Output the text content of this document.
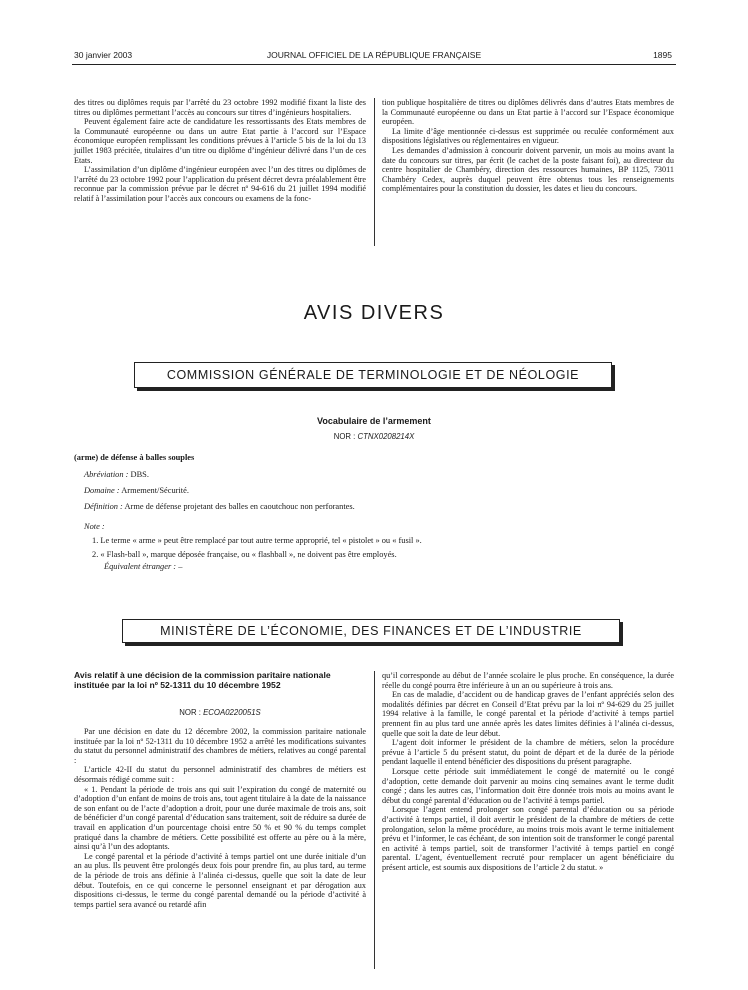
30 janvier 2003	JOURNAL OFFICIEL DE LA RÉPUBLIQUE FRANÇAISE	1895

des titres ou diplômes requis par l’arrêté du 23 octobre 1992 modifié fixant la liste des titres ou diplômes permettant l’accès au concours sur titres d’ingénieurs hospitaliers.

Peuvent également faire acte de candidature les ressortissants des Etats membres de la Communauté européenne ou dans un autre Etat partie à l’accord sur l’Espace économique européen remplissant les conditions prévues à l’article 5 bis de la loi du 13 juillet 1983 précitée, titulaires d’un titre ou diplôme d’ingénieur délivré dans l’un de ces Etats.

L’assimilation d’un diplôme d’ingénieur européen avec l’un des titres ou diplômes de l’arrêté du 23 octobre 1992 pour l’application du présent décret devra préalablement être reconnue par la commission prévue par le décret nº 94-616 du 21 juillet 1994 modifié relatif à l’assimilation pour l’accès aux concours ou examens de la fonc-

tion publique hospitalière de titres ou diplômes délivrés dans d’autres Etats membres de la Communauté européenne ou dans un Etat partie à l’accord sur l’Espace économique européen.

La limite d’âge mentionnée ci-dessus est supprimée ou reculée conformément aux dispositions législatives ou réglementaires en vigueur.

Les demandes d’admission à concourir doivent parvenir, un mois au moins avant la date du concours sur titres, par écrit (le cachet de la poste faisant foi), au directeur du centre hospitalier de Chambéry, direction des ressources humaines, BP 1125, 73011 Chambéry Cedex, auprès duquel peuvent être obtenus tous les renseignements complémentaires pour la constitution du dossier, les dates et lieu du concours.

AVIS DIVERS
COMMISSION GÉNÉRALE DE TERMINOLOGIE ET DE NÉOLOGIE
Vocabulaire de l’armement
NOR : CTNX0208214X
(arme) de défense à balles souples
Abréviation : DBS.
Domaine : Armement/Sécurité.
Définition : Arme de défense projetant des balles en caoutchouc non perforantes.
Note :
1. Le terme « arme » peut être remplacé par tout autre terme approprié, tel « pistolet » ou « fusil ».
2. « Flash-ball », marque déposée française, ou « flashball », ne doivent pas être employés.
Équivalent étranger : –
MINISTÈRE DE L’ÉCONOMIE, DES FINANCES ET DE L’INDUSTRIE
Avis relatif à une décision de la commission paritaire nationale instituée par la loi nº 52-1311 du 10 décembre 1952
NOR : ECOA0220051S

Par une décision en date du 12 décembre 2002, la commission paritaire nationale instituée par la loi nº 52-1311 du 10 décembre 1952 a arrêté les modifications suivantes du statut du personnel administratif des chambres de métiers, relatives au congé parental :

L’article 42-II du statut du personnel administratif des chambres de métiers est désormais rédigé comme suit :

« 1. Pendant la période de trois ans qui suit l’expiration du congé de maternité ou d’adoption d’un enfant de moins de trois ans, tout agent titulaire à la date de la naissance de son enfant ou de l’acte d’adoption a droit, pour une durée maximale de trois ans, soit de bénéficier d’un congé parental d’éducation sans traitement, soit de réduire sa durée de travail en application d’un pourcentage choisi entre 50 % et 90 % du temps complet pratiqué dans la chambre de métiers. Cette possibilité est offerte au père ou à la mère, ainsi qu’à l’un des adoptants.

Le congé parental et la période d’activité à temps partiel ont une durée initiale d’un an au plus. Ils peuvent être prolongés deux fois pour prendre fin, au plus tard, au terme de la période de trois ans définie à l’alinéa ci-dessus, quelle que soit la date de leur début. Toutefois, en ce qui concerne le personnel enseignant et par dérogation aux dispositions ci-dessus, le terme du congé parental demandé ou la période d’activité à temps partiel sera avancé ou retardé afin

qu’il corresponde au début de l’année scolaire le plus proche. En conséquence, la durée réelle du congé pourra être inférieure à un an ou supérieure à trois ans.

En cas de maladie, d’accident ou de handicap graves de l’enfant appréciés selon des modalités définies par décret en Conseil d’Etat prévu par la loi nº 94-629 du 25 juillet 1994 relative à la famille, le congé parental et la période d’activité à temps partiel prennent fin au plus tard une année après les dates limites définies à l’alinéa ci-dessus, quelle que soit la date de leur début.

L’agent doit informer le président de la chambre de métiers, selon la procédure prévue à l’article 5 du présent statut, du point de départ et de la durée de la période pendant laquelle il entend bénéficier des dispositions du présent paragraphe.

Lorsque cette période suit immédiatement le congé de maternité ou le congé d’adoption, cette demande doit parvenir au moins cinq semaines avant le terme dudit congé ; dans les autres cas, l’information doit être donnée trois mois au moins avant le début du congé parental d’éducation ou de l’activité à temps partiel.

Lorsque l’agent entend prolonger son congé parental d’éducation ou sa période d’activité à temps partiel, il doit avertir le président de la chambre de métiers de cette prolongation, selon la même procédure, au moins trois mois avant le terme initialement prévu et l’informer, le cas échéant, de son intention soit de transformer le congé parental en activité à temps partiel, soit de transformer l’activité à temps partiel en congé parental. L’agent, éventuellement recruté pour remplacer un agent bénéficiaire du présent article, est soumis aux dispositions de l’article 2 du statut. »
